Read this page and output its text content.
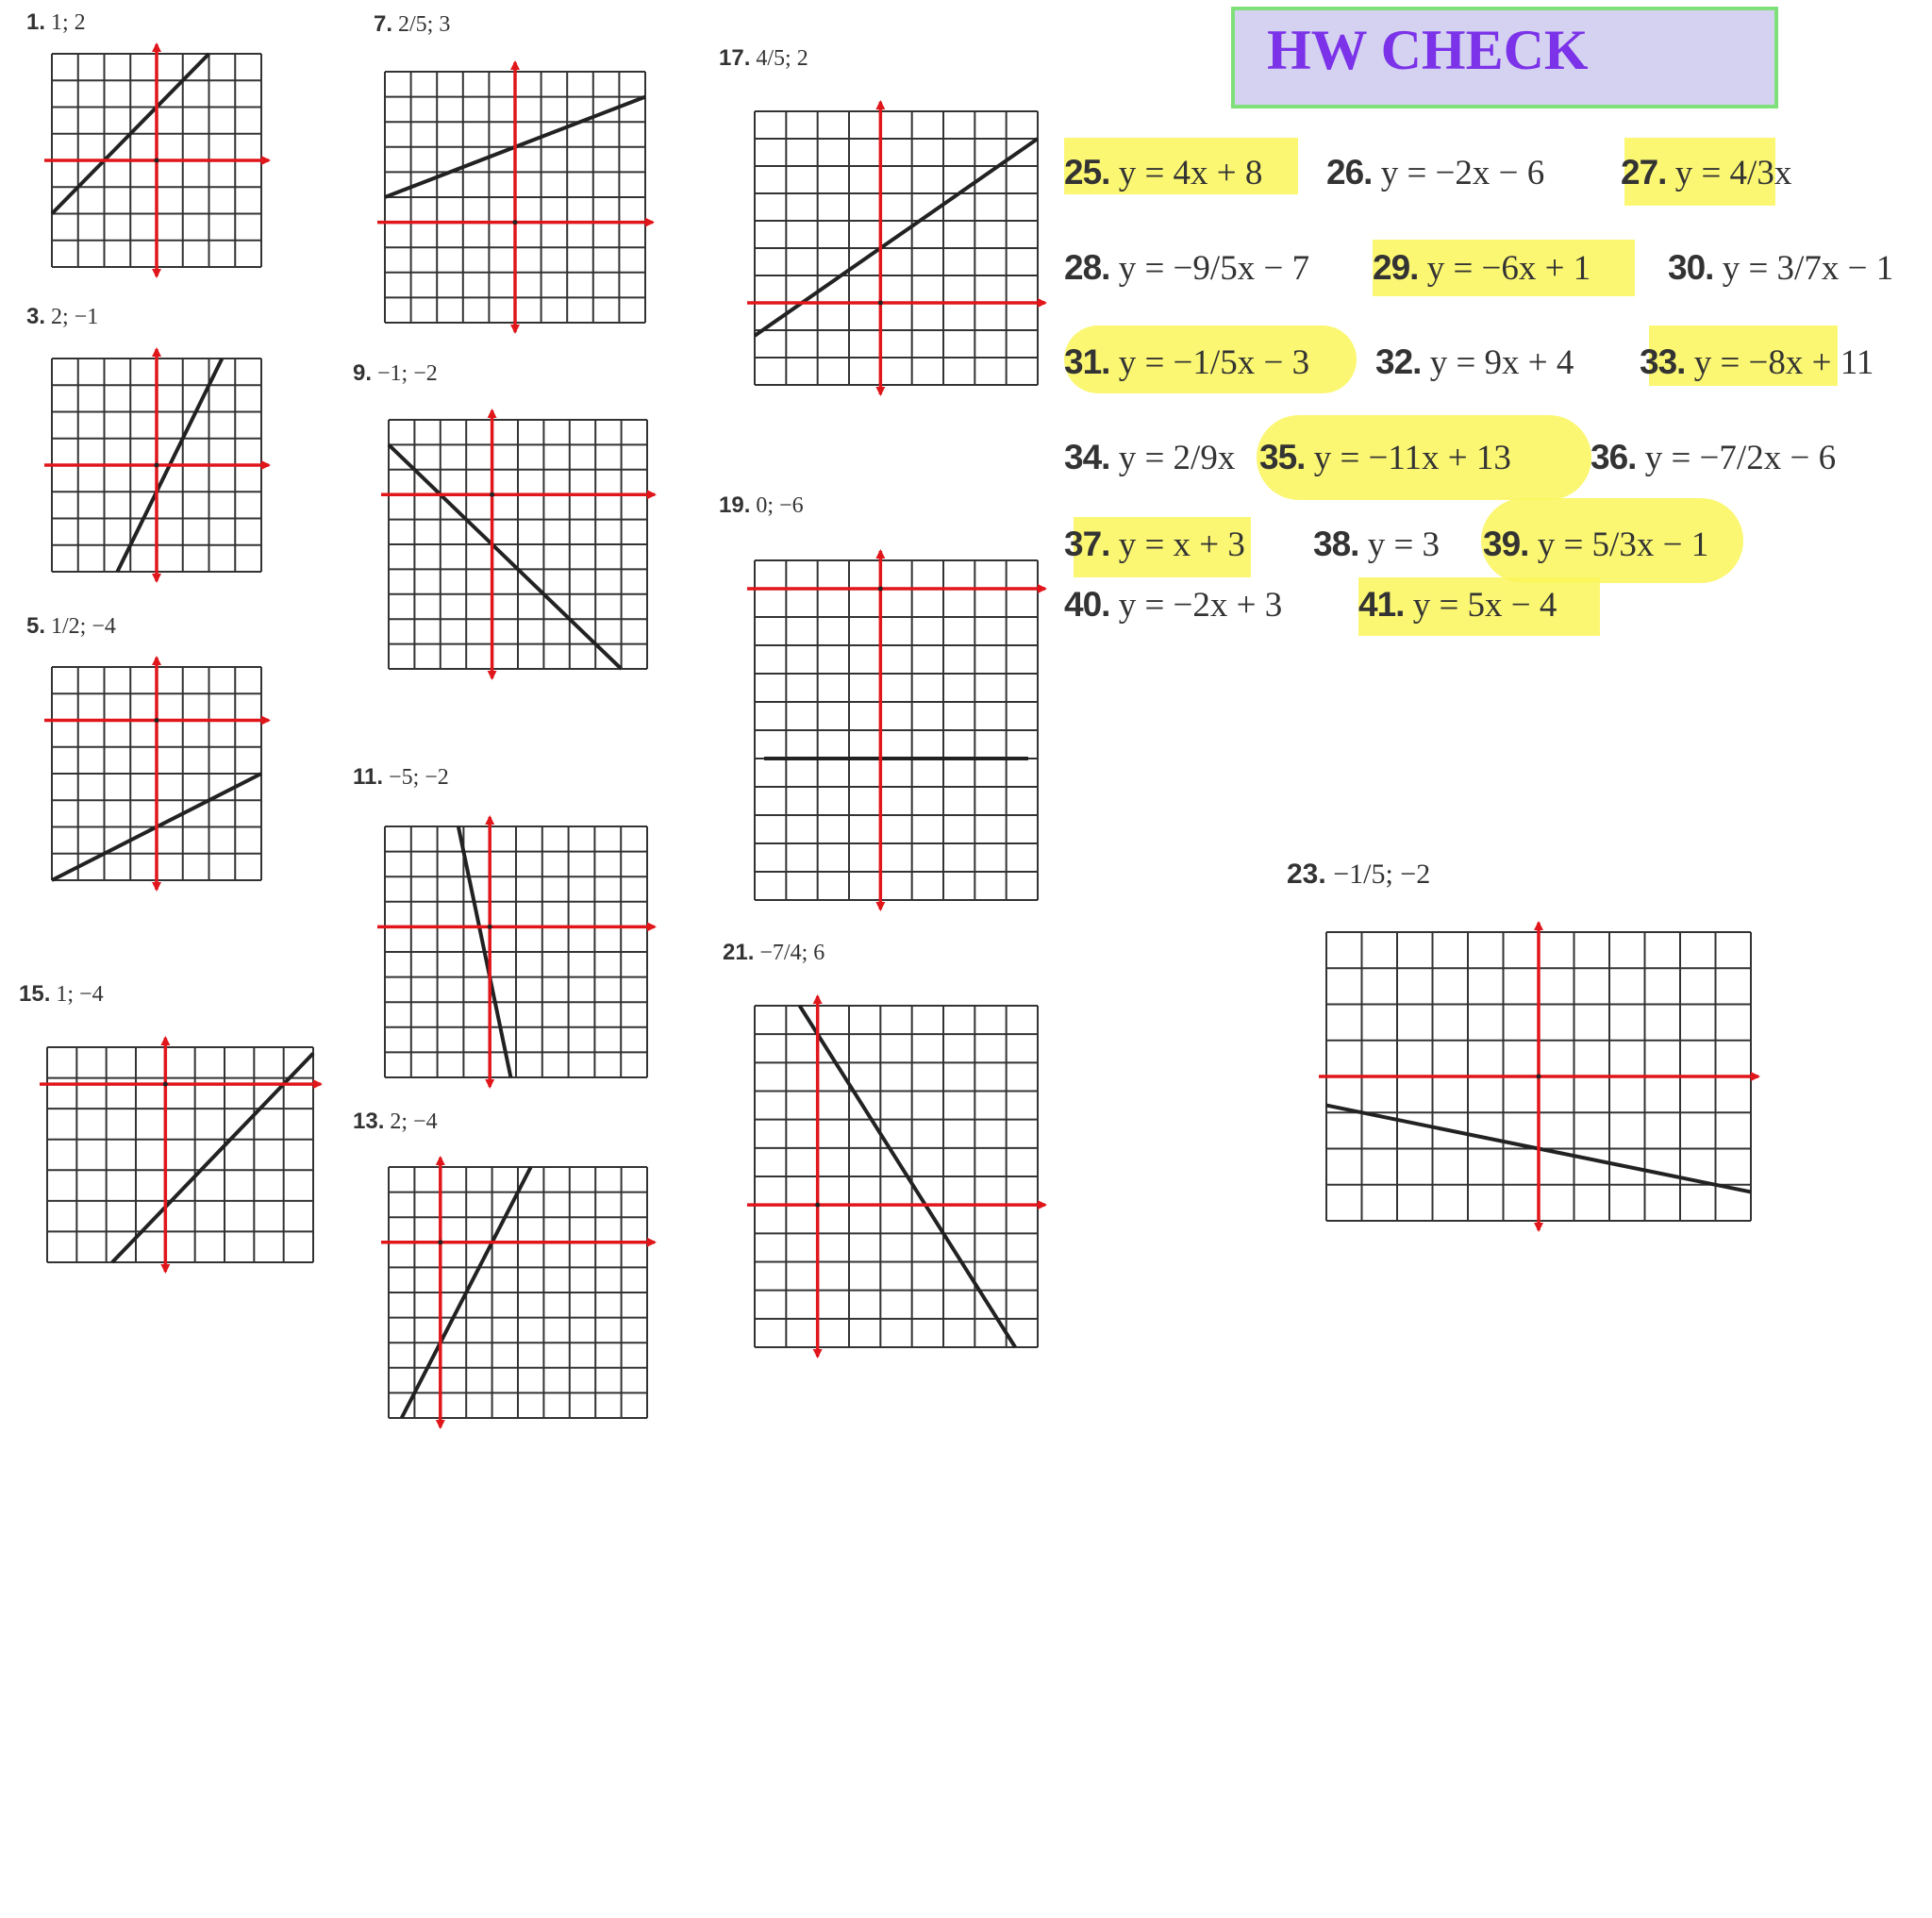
HW CHECK
25. y = 4x + 8 26. y = −2x − 6 27. y = 4/3x
28. y = −9/5x − 7 29. y = −6x + 1 30. y = 3/7x − 1
31. y = −1/5x − 3 32. y = 9x + 4 33. y = −8x + 11
34. y = 2/9x 35. y = −11x + 13 36. y = −7/2x − 6
37. y = x + 3 38. y = 3 39. y = 5/3x − 1
40. y = −2x + 3 41. y = 5x − 4
1. 1; 2
3. 2; −1
5. 1/2; −4
15. 1; −4
7. 2/5; 3
9. −1; −2
11. −5; −2
13. 2; −4
17. 4/5; 2
19. 0; −6
21. −7/4; 6
23. −1/5; −2
